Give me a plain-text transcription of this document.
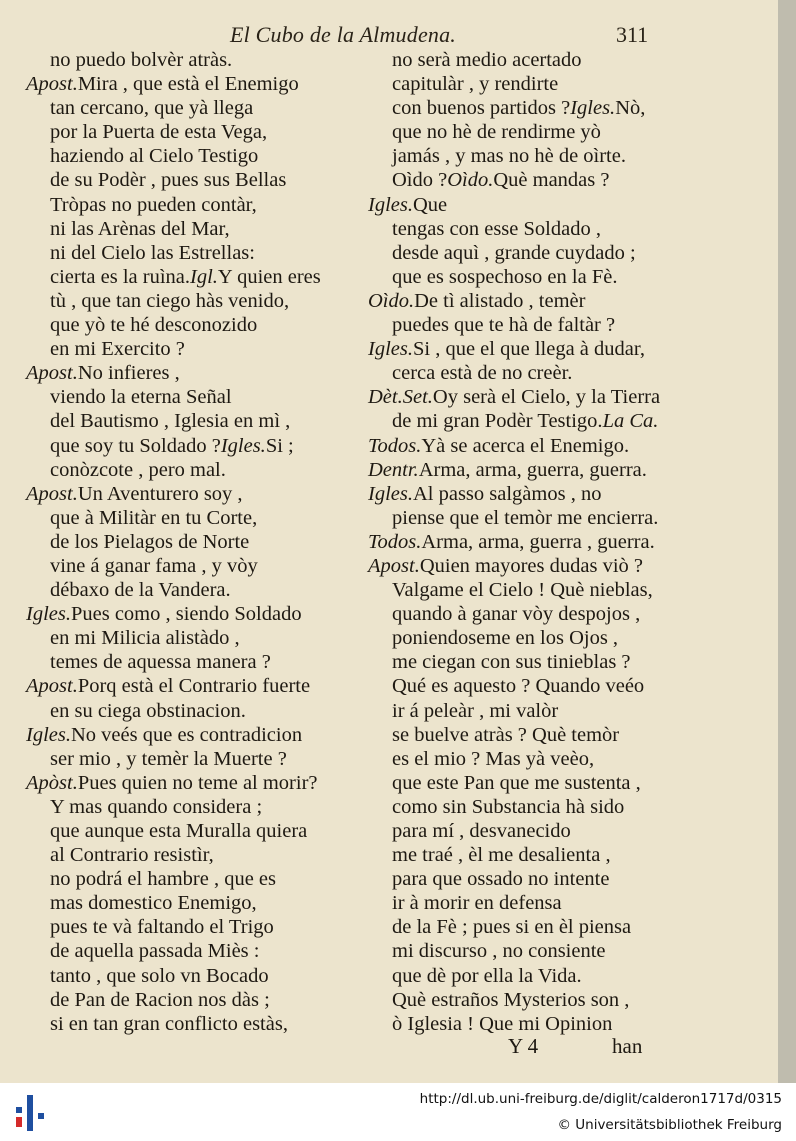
El Cubo de la Almudena.	311
no puedo bolvèr atràs.
Apost.Mira , que està el Enemigo
tan cercano, que yà llega
por la Puerta de esta Vega,
haziendo al Cielo Testigo
de su Podèr , pues sus Bellas
Tròpas no pueden contàr,
ni las Arènas del Mar,
ni del Cielo las Estrellas:
cierta es la ruìna.Igl.Y quien eres
tù , que tan ciego hàs venido,
que yò te hé desconozido
en mi Exercito ?
Apost.No infieres ,
viendo la eterna Señal
del Bautismo , Iglesia en mì ,
que soy tu Soldado ?Igles.Si ;
conòzcote , pero mal.
Apost.Un Aventurero soy ,
que à Militàr en tu Corte,
de los Pielagos de Norte
vine á ganar fama , y vòy
débaxo de la Vandera.
Igles.Pues como , siendo Soldado
en mi Milicia alistàdo ,
temes de aquessa manera ?
Apost.Porq està el Contrario fuerte
en su ciega obstinacion.
Igles.No veés que es contradicion
ser mio , y temèr la Muerte ?
Apòst.Pues quien no teme al morir?
Y mas quando considera ;
que aunque esta Muralla quiera
al Contrario resistìr,
no podrá el hambre , que es
mas domestico Enemigo,
pues te và faltando el Trigo
de aquella passada Miès :
tanto , que solo vn Bocado
de Pan de Racion nos dàs ;
si en tan gran conflicto estàs,
no serà medio acertado
capitulàr , y rendirte
con buenos partidos ?Igles.Nò,
que no hè de rendirme yò
jamás , y mas no hè de oìrte.
Oìdo ?Oìdo.Què mandas ?
Igles.Que
tengas con esse Soldado ,
desde aquì , grande cuydado ;
que es sospechoso en la Fè.
Oìdo.De tì alistado , temèr
puedes que te hà de faltàr ?
Igles.Si , que el que llega à dudar,
cerca està de no creèr.
Dèt.Set.Oy serà el Cielo, y la Tierra
de mi gran Podèr Testigo.La Ca.
Todos.Yà se acerca el Enemigo.
Dentr.Arma, arma, guerra, guerra.
Igles.Al passo salgàmos , no
piense que el temòr me encierra.
Todos.Arma, arma, guerra , guerra.
Apost.Quien mayores dudas viò ?
Valgame el Cielo ! Què nieblas,
quando à ganar vòy despojos ,
poniendoseme en los Ojos ,
me ciegan con sus tinieblas ?
Qué es aquesto ? Quando veéo
ir á peleàr , mi valòr
se buelve atràs ? Què temòr
es el mio ? Mas yà veèo,
que este Pan que me sustenta ,
como sin Substancia hà sido
para mí , desvanecido
me traé , èl me desalienta ,
para que ossado no intente
ir à morir en defensa
de la Fè ; pues si en èl piensa
mi discurso , no consiente
que dè por ella la Vida.
Què estraños Mysterios son ,
ò Iglesia ! Que mi Opinion
Y 4	han
http://dl.ub.uni-freiburg.de/diglit/calderon1717d/0315
© Universitätsbibliothek Freiburg
